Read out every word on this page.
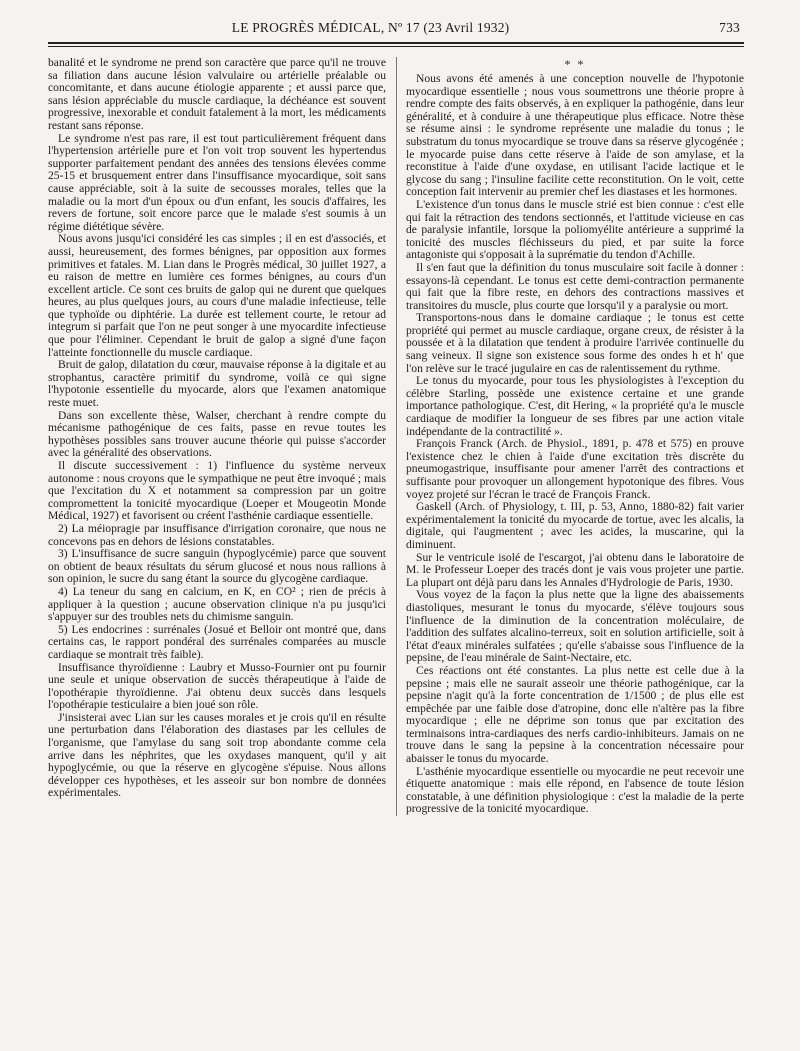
LE PROGRÈS MÉDICAL, Nº 17 (23 Avril 1932)	733

banalité et le syndrome ne prend son caractère que parce qu'il ne trouve sa filiation dans aucune lésion valvulaire ou artérielle préalable ou concomitante, et dans aucune étiologie apparente ; et aussi parce que, sans lésion appréciable du muscle cardiaque, la déchéance est souvent progressive, inexorable et conduit fatalement à la mort, les médicaments restant sans réponse.

Le syndrome n'est pas rare, il est tout particulièrement fréquent dans l'hypertension artérielle pure et l'on voit trop souvent les hypertendus supporter parfaitement pendant des années des tensions élevées comme 25-15 et brusquement entrer dans l'insuffisance myocardique, soit sans cause appréciable, soit à la suite de secousses morales, telles que la maladie ou la mort d'un époux ou d'un enfant, les soucis d'affaires, les revers de fortune, soit encore parce que le malade s'est soumis à un régime diététique sévère.

Nous avons jusqu'ici considéré les cas simples ; il en est d'associés, et aussi, heureusement, des formes bénignes, par opposition aux formes primitives et fatales. M. Lian dans le Progrès médical, 30 juillet 1927, a eu raison de mettre en lumière ces formes bénignes, au cours d'un excellent article. Ce sont ces bruits de galop qui ne durent que quelques heures, au plus quelques jours, au cours d'une maladie infectieuse, telle que typhoïde ou diphtérie. La durée est tellement courte, le retour ad integrum si parfait que l'on ne peut songer à une myocardite infectieuse que pour l'éliminer. Cependant le bruit de galop a signé d'une façon l'atteinte fonctionnelle du muscle cardiaque.

Bruit de galop, dilatation du cœur, mauvaise réponse à la digitale et au strophantus, caractère primitif du syndrome, voilà ce qui signe l'hypotonie essentielle du myocarde, alors que l'examen anatomique reste muet.

Dans son excellente thèse, Walser, cherchant à rendre compte du mécanisme pathogénique de ces faits, passe en revue toutes les hypothèses possibles sans trouver aucune théorie qui puisse s'accorder avec la généralité des observations.

Il discute successivement : 1) l'influence du système nerveux autonome : nous croyons que le sympathique ne peut être invoqué ; mais que l'excitation du X et notamment sa compression par un goitre compromettent la tonicité myocardique (Loeper et Mougeotin Monde Médical, 1927) et favorisent ou créent l'asthénie cardiaque essentielle.

2) La méiopragie par insuffisance d'irrigation coronaire, que nous ne concevons pas en dehors de lésions constatables.

3) L'insuffisance de sucre sanguin (hypoglycémie) parce que souvent on obtient de beaux résultats du sérum glucosé et nous nous rallions à son opinion, le sucre du sang étant la source du glycogène cardiaque.

4) La teneur du sang en calcium, en K, en CO² ; rien de précis à appliquer à la question ; aucune observation clinique n'a pu jusqu'ici s'appuyer sur des troubles nets du chimisme sanguin.

5) Les endocrines : surrénales (Josué et Belloir ont montré que, dans certains cas, le rapport pondéral des surrénales comparées au muscle cardiaque se montrait très faible).

Insuffisance thyroïdienne : Laubry et Musso-Fournier ont pu fournir une seule et unique observation de succès thérapeutique à l'aide de l'opothérapie thyroïdienne. J'ai obtenu deux succès dans lesquels l'opothérapie testiculaire a bien joué son rôle.

J'insisterai avec Lian sur les causes morales et je crois qu'il en résulte une perturbation dans l'élaboration des diastases par les cellules de l'organisme, que l'amylase du sang soit trop abondante comme cela arrive dans les néphrites, que les oxydases manquent, qu'il y ait hypoglycémie, ou que la réserve en glycogène s'épuise. Nous allons développer ces hypothèses, et les asseoir sur bon nombre de données expérimentales.

* *

Nous avons été amenés à une conception nouvelle de l'hypotonie myocardique essentielle ; nous vous soumettrons une théorie propre à rendre compte des faits observés, à en expliquer la pathogénie, dans leur généralité, et à conduire à une thérapeutique plus efficace. Notre thèse se résume ainsi : le syndrome représente une maladie du tonus ; le substratum du tonus myocardique se trouve dans sa réserve glycogénée ; le myocarde puise dans cette réserve à l'aide de son amylase, et la reconstitue à l'aide d'une oxydase, en utilisant l'acide lactique et le glycose du sang ; l'insuline facilite cette reconstitution. On le voit, cette conception fait intervenir au premier chef les diastases et les hormones.

L'existence d'un tonus dans le muscle strié est bien connue : c'est elle qui fait la rétraction des tendons sectionnés, et l'attitude vicieuse en cas de paralysie infantile, lorsque la poliomyélite antérieure a supprimé la tonicité des muscles fléchisseurs du pied, et par suite la force antagoniste qui s'opposait à la suprématie du tendon d'Achille.

Il s'en faut que la définition du tonus musculaire soit facile à donner : essayons-là cependant. Le tonus est cette demi-contraction permanente qui fait que la fibre reste, en dehors des contractions massives et transitoires du muscle, plus courte que lorsqu'il y a paralysie ou mort.

Transportons-nous dans le domaine cardiaque ; le tonus est cette propriété qui permet au muscle cardiaque, organe creux, de résister à la poussée et à la dilatation que tendent à produire l'arrivée continuelle du sang veineux. Il signe son existence sous forme des ondes h et h' que l'on relève sur le tracé jugulaire en cas de ralentissement du rythme.

Le tonus du myocarde, pour tous les physiologistes à l'exception du célèbre Starling, possède une existence certaine et une grande importance pathologique. C'est, dit Hering, « la propriété qu'a le muscle cardiaque de modifier la longueur de ses fibres par une action vitale indépendante de la contractilité ».

François Franck (Arch. de Physiol., 1891, p. 478 et 575) en prouve l'existence chez le chien à l'aide d'une excitation très discrète du pneumogastrique, insuffisante pour amener l'arrêt des contractions et suffisante pour provoquer un allongement hypotonique des fibres. Vous voyez projeté sur l'écran le tracé de François Franck.

Gaskell (Arch. of Physiology, t. III, p. 53, Anno, 1880-82) fait varier expérimentalement la tonicité du myocarde de tortue, avec les alcalis, la digitale, qui l'augmentent ; avec les acides, la muscarine, qui la diminuent.

Sur le ventricule isolé de l'escargot, j'ai obtenu dans le laboratoire de M. le Professeur Loeper des tracés dont je vais vous projeter une partie. La plupart ont déjà paru dans les Annales d'Hydrologie de Paris, 1930.

Vous voyez de la façon la plus nette que la ligne des abaissements diastoliques, mesurant le tonus du myocarde, s'élève toujours sous l'influence de la diminution de la concentration moléculaire, de l'addition des sulfates alcalino-terreux, soit en solution artificielle, soit à l'état d'eaux minérales sulfatées ; qu'elle s'abaisse sous l'influence de la pepsine, de l'eau minérale de Saint-Nectaire, etc.

Ces réactions ont été constantes. La plus nette est celle due à la pepsine ; mais elle ne saurait asseoir une théorie pathogénique, car la pepsine n'agit qu'à la forte concentration de 1/1500 ; de plus elle est empêchée par une faible dose d'atropine, donc elle n'altère pas la fibre myocardique ; elle ne déprime son tonus que par excitation des terminaisons intra-cardiaques des nerfs cardio-inhibiteurs. Jamais on ne trouve dans le sang la pepsine à la concentration nécessaire pour abaisser le tonus du myocarde.

L'asthénie myocardique essentielle ou myocardie ne peut recevoir une étiquette anatomique : mais elle répond, en l'absence de toute lésion constatable, à une définition physiologique : c'est la maladie de la perte progressive de la tonicité myocardique.
